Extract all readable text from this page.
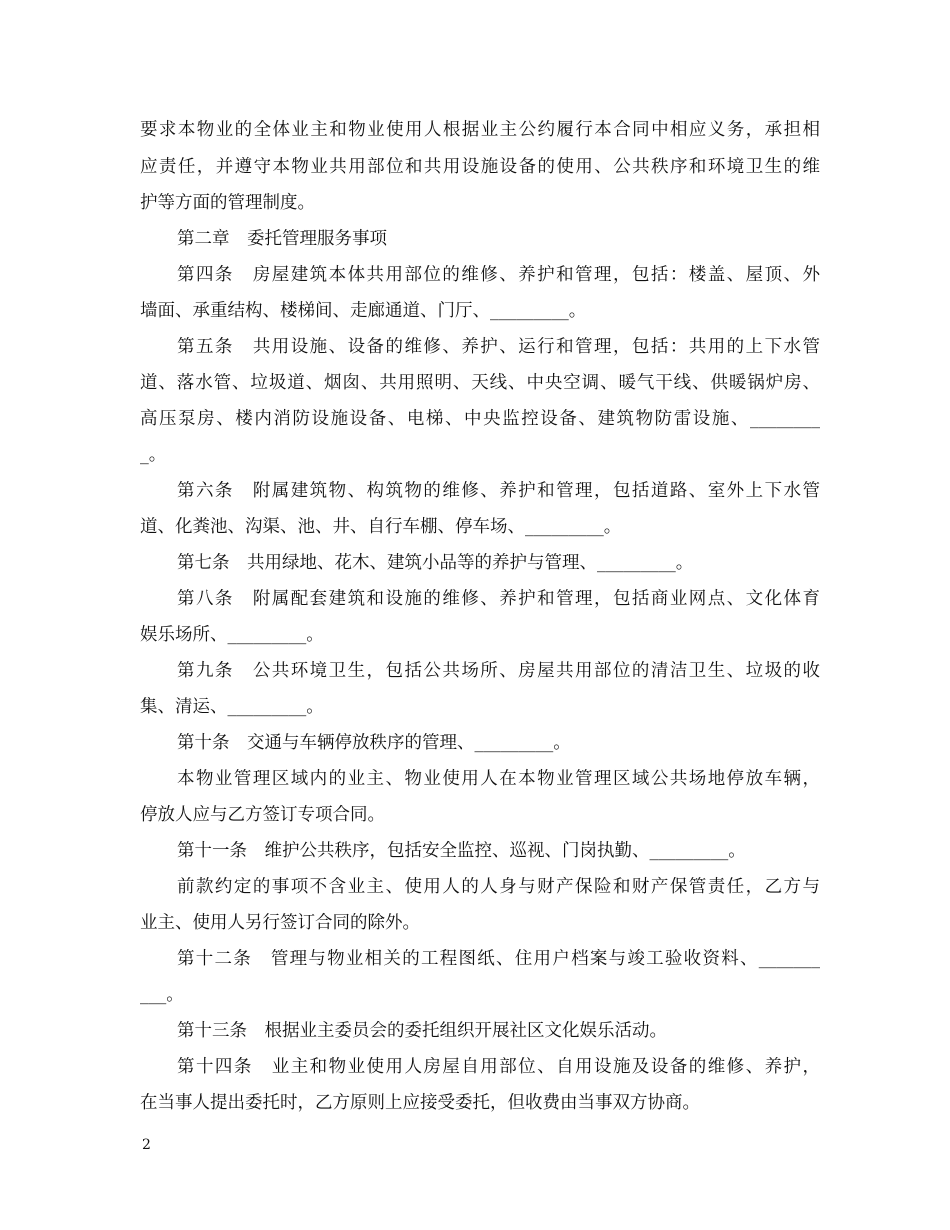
要求本物业的全体业主和物业使用人根据业主公约履行本合同中相应义务，承担相
应责任，并遵守本物业共用部位和共用设施设备的使用、公共秩序和环境卫生的维
护等方面的管理制度。
第二章　委托管理服务事项
第四条　房屋建筑本体共用部位的维修、养护和管理，包括：楼盖、屋顶、外
墙面、承重结构、楼梯间、走廊通道、门厅、_________。
第五条　共用设施、设备的维修、养护、运行和管理，包括：共用的上下水管
道、落水管、垃圾道、烟囱、共用照明、天线、中央空调、暖气干线、供暖锅炉房、
高压泵房、楼内消防设施设备、电梯、中央监控设备、建筑物防雷设施、________
_。
第六条　附属建筑物、构筑物的维修、养护和管理，包括道路、室外上下水管
道、化粪池、沟渠、池、井、自行车棚、停车场、_________。
第七条　共用绿地、花木、建筑小品等的养护与管理、_________。
第八条　附属配套建筑和设施的维修、养护和管理，包括商业网点、文化体育
娱乐场所、_________。
第九条　公共环境卫生，包括公共场所、房屋共用部位的清洁卫生、垃圾的收
集、清运、_________。
第十条　交通与车辆停放秩序的管理、_________。
本物业管理区域内的业主、物业使用人在本物业管理区域公共场地停放车辆，
停放人应与乙方签订专项合同。
第十一条　维护公共秩序，包括安全监控、巡视、门岗执勤、_________。
前款约定的事项不含业主、使用人的人身与财产保险和财产保管责任，乙方与
业主、使用人另行签订合同的除外。
第十二条　管理与物业相关的工程图纸、住用户档案与竣工验收资料、_______
___。
第十三条　根据业主委员会的委托组织开展社区文化娱乐活动。
第十四条　业主和物业使用人房屋自用部位、自用设施及设备的维修、养护，
在当事人提出委托时，乙方原则上应接受委托，但收费由当事双方协商。
2
